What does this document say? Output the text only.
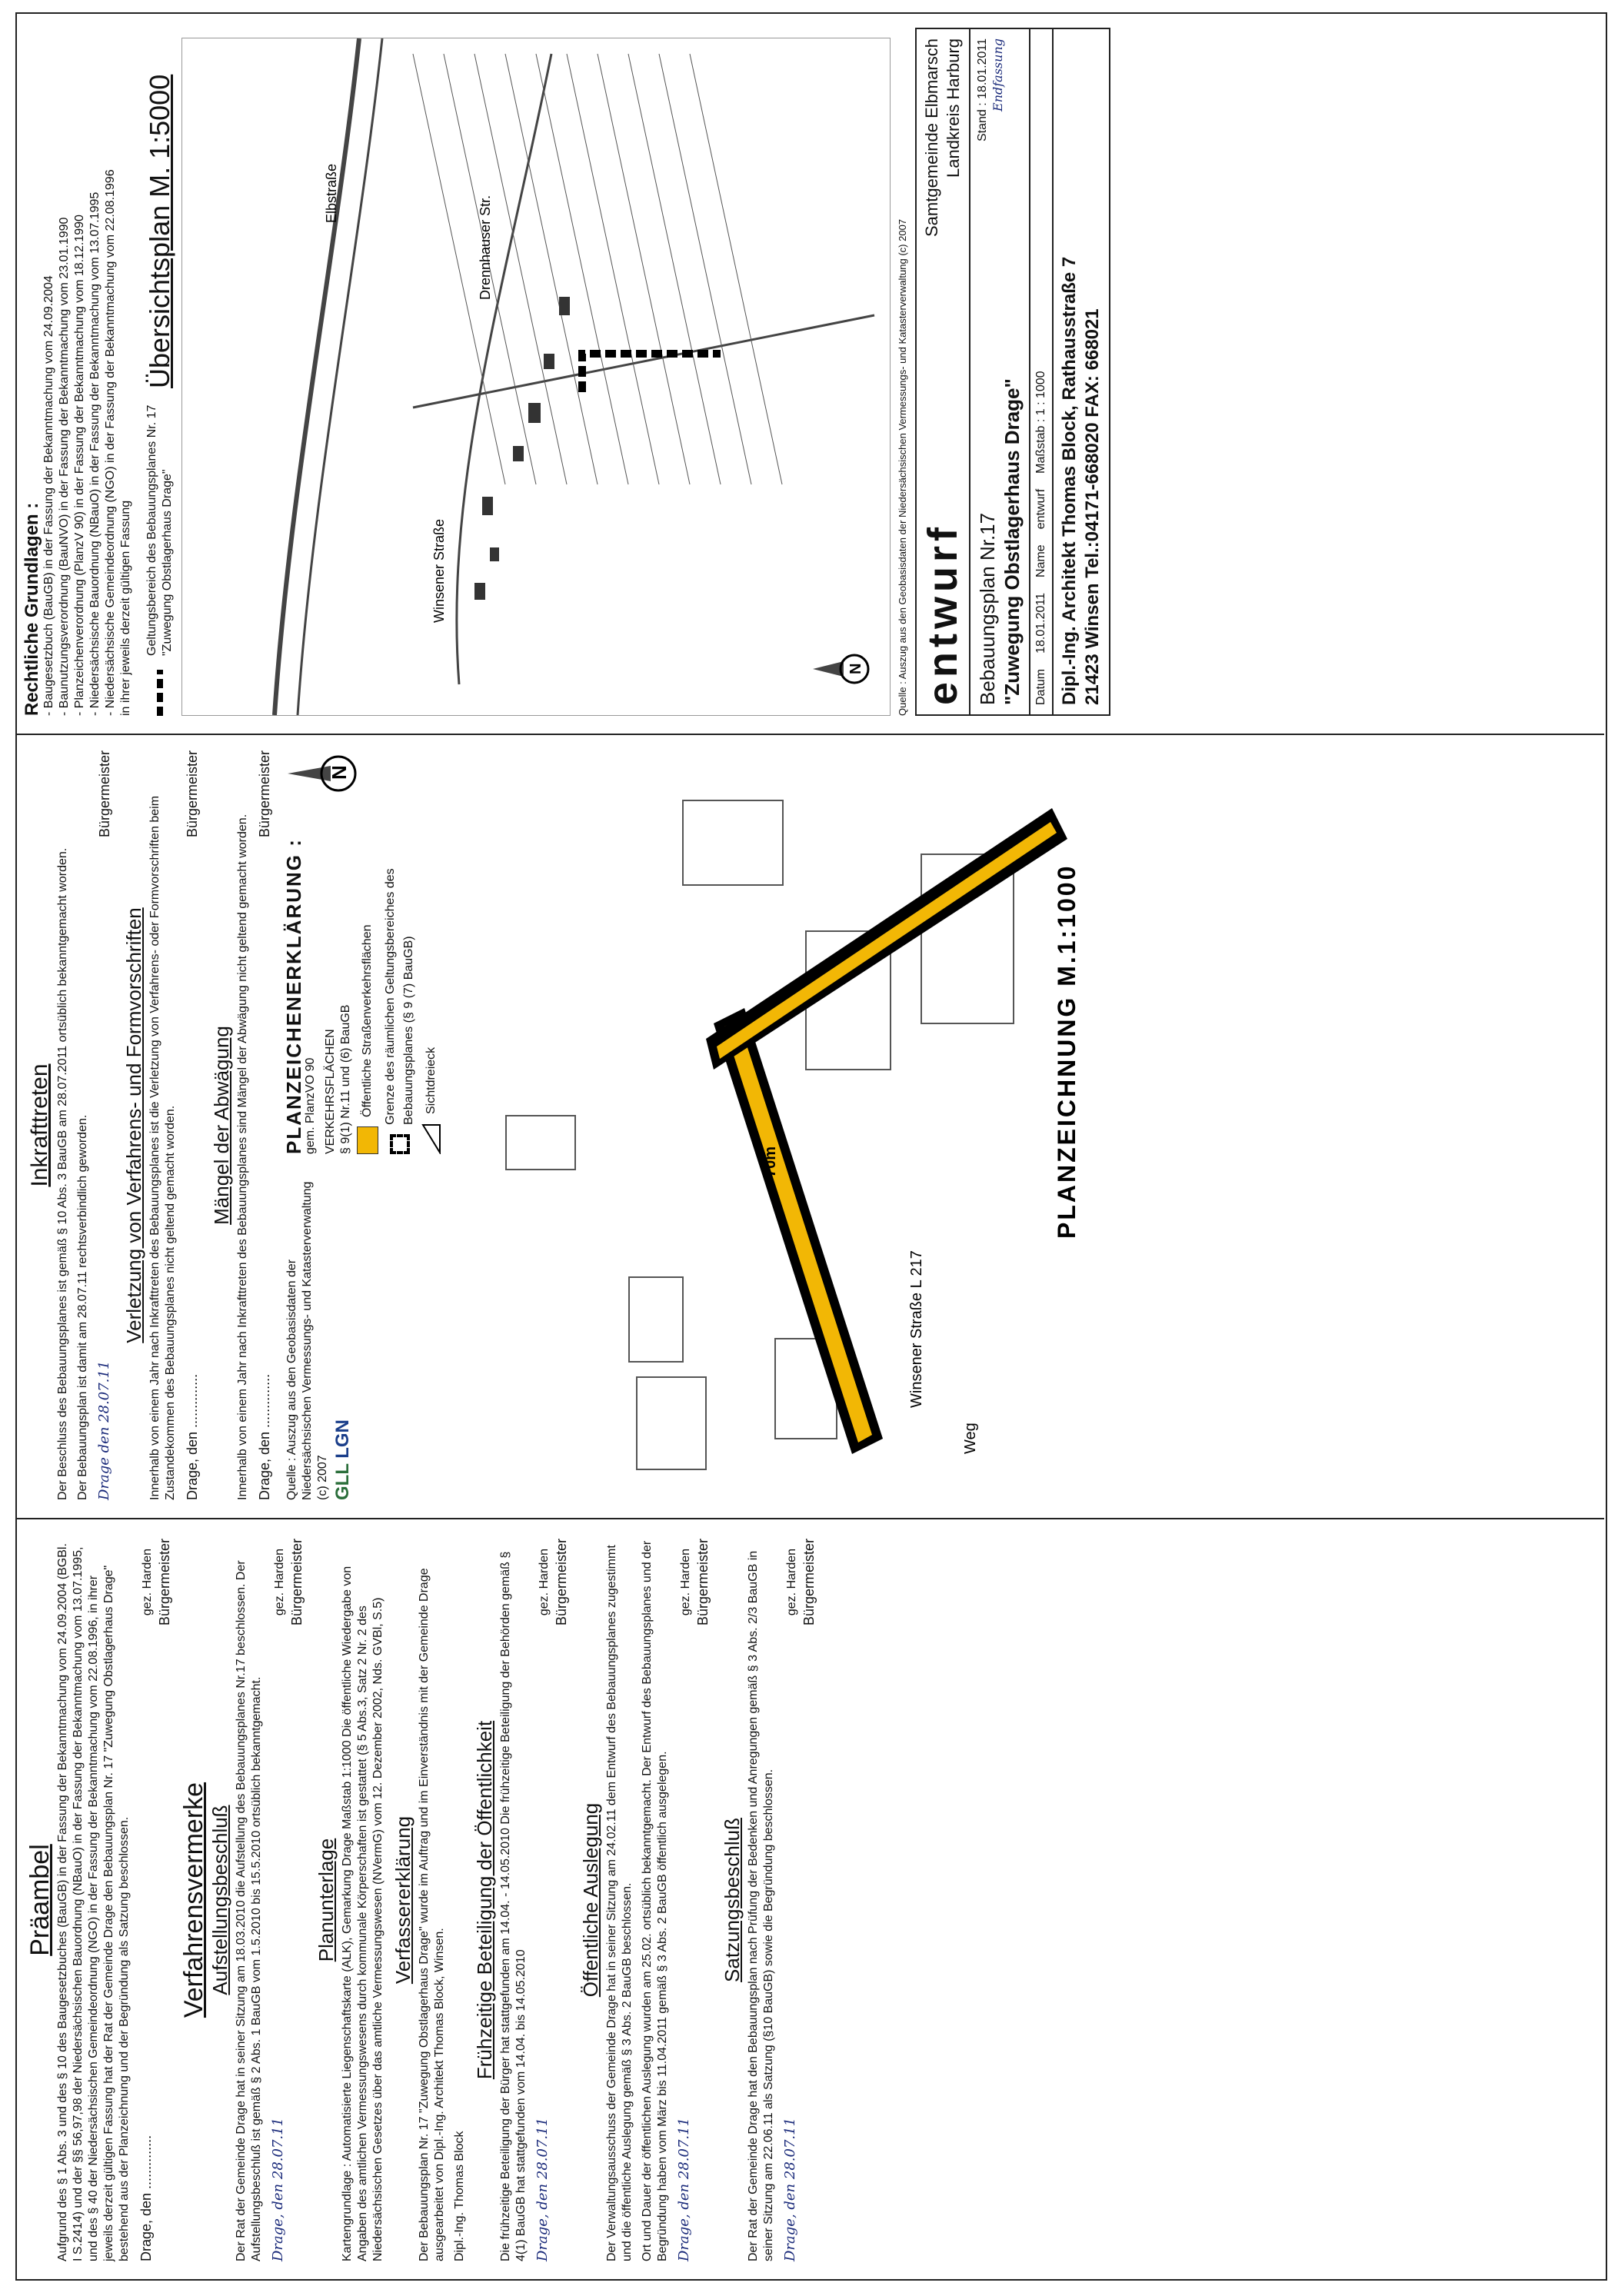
Präambel Aufgrund des § 1 Abs. 3 und des § 10 des Baugesetzbuches (BauGB) in der Fassung der Bekanntmachung vom 24.09.2004 (BGBl. I S.2414) und der §§ 56,97,98 der Niedersächsischen Bauordnung (NBauO) in der Fassung der Bekanntmachung vom 13.07.1995, und des § 40 der Niedersächsischen Gemeindeordnung (NGO) in der Fassung der Bekanntmachung vom 22.08.1996, in ihrer jeweils derzeit gültigen Fassung hat der Rat der Gemeinde Drage den Bebauungsplan Nr. 17 "Zuwegung Obstlagerhaus Drage" bestehend aus der Planzeichnung und der Begründung als Satzung beschlossen. Drage, den ..............
gez. Harden Bürgermeister
Verfahrensvermerke Aufstellungsbeschluß Der Rat der Gemeinde Drage hat in seiner Sitzung am 18.03.2010 die Aufstellung des Bebauungsplanes Nr.17 beschlossen. Der Aufstellungsbeschluß ist gemäß § 2 Abs. 1 BauGB vom 1.5.2010 bis 15.5.2010 ortsüblich bekanntgemacht. Drage, den 28.07.11
gez. Harden Bürgermeister
Planunterlage Kartengrundlage : Automatisierte Liegenschaftskarte (ALK), Gemarkung Drage Maßstab 1:1000 Die öffentliche Wiedergabe von Angaben des amtlichen Vermessungswesens durch kommunale Körperschaften ist gestattet (§ 5 Abs.3, Satz 2 Nr. 2 des Niedersächsischen Gesetzes über das amtliche Vermessungswesen (NVermG) vom 12. Dezember 2002, Nds. GVBl, S.5) Verfassererklärung Der Bebauungsplan Nr. 17 "Zuwegung Obstlagerhaus Drage" wurde im Auftrag und im Einverständnis mit der Gemeinde Drage ausgearbeitet von Dipl.-Ing. Architekt Thomas Block, Winsen. Dipl.-Ing. Thomas Block
Frühzeitige Beteiligung der Öffentlichkeit Die frühzeitige Beteiligung der Bürger hat stattgefunden am 14.04. - 14.05.2010 Die frühzeitige Beteiligung der Behörden gemäß § 4(1) BauGB hat stattgefunden vom 14.04. bis 14.05.2010 Drage, den 28.07.11
gez. Harden Bürgermeister
Öffentliche Auslegung Der Verwaltungsausschuss der Gemeinde Drage hat in seiner Sitzung am 24.02.11 dem Entwurf des Bebauungsplanes zugestimmt und die öffentliche Auslegung gemäß § 3 Abs. 2 BauGB beschlossen. Ort und Dauer der öffentlichen Auslegung wurden am 25.02. ortsüblich bekanntgemacht. Der Entwurf des Bebauungsplanes und der Begründung haben vom März bis 11.04.2011 gemäß § 3 Abs. 2 BauGB öffentlich ausgelegen. Drage, den 28.07.11
gez. Harden Bürgermeister
Satzungsbeschluß Der Rat der Gemeinde Drage hat den Bebauungsplan nach Prüfung der Bedenken und Anregungen gemäß § 3 Abs. 2/3 BauGB in seiner Sitzung am 22.06.11 als Satzung (§10 BauGB) sowie die Begründung beschlossen. Drage, den 28.07.11
gez. Harden Bürgermeister
Inkrafttreten Der Beschluss des Bebauungsplanes ist gemäß § 10 Abs. 3 BauGB am 28.07.2011 ortsüblich bekanntgemacht worden. Der Bebauungsplan ist damit am 28.07.11 rechtsverbindlich geworden. Drage den 28.07.11
Bürgermeister
Verletzung von Verfahrens- und Formvorschriften Innerhalb von einem Jahr nach Inkrafttreten des Bebauungsplanes ist die Verletzung von Verfahrens- oder Formvorschriften beim Zustandekommen des Bebauungsplanes nicht geltend gemacht worden. Drage, den ..............
Bürgermeister
Mängel der Abwägung Innerhalb von einem Jahr nach Inkrafttreten des Bebauungsplanes sind Mängel der Abwägung nicht geltend gemacht worden. Drage, den ..............
Bürgermeister
Quelle : Auszug aus den Geobasisdaten der Niedersächsischen Vermessungs- und Katasterverwaltung (c) 2007 GLL LGN
PLANZEICHENERKLÄRUNG :
gem. PlanzVO 90 VERKEHRSFLÄCHEN § 9(1) Nr.11 und (6) BauGB Öffentliche Straßenverkehrsflächen Grenze des räumlichen Geltungsbereiches des Bebauungsplanes (§ 9 (7) BauGB) Sichtdreieck
N
Winsener Straße L 217
Weg
70m	PLANZEICHNUNG M.1:1000
Rechtliche Grundlagen : - Baugesetzbuch (BauGB) in der Fassung der Bekanntmachung vom 24.09.2004 - Baunutzungsverordnung (BauNVO) in der Fassung der Bekanntmachung vom 23.01.1990 - Planzeichenverordnung (PlanzV 90) in der Fassung der Bekanntmachung vom 18.12.1990 - Niedersächsische Bauordnung (NBauO) in der Fassung der Bekanntmachung vom 13.07.1995 - Niedersächsische Gemeindeordnung (NGO) in der Fassung der Bekanntmachung vom 22.08.1996 in ihrer jeweils derzeit gültigen Fassung Geltungsbereich des Bebauungsplanes Nr. 17 "Zuwegung Obstlagerhaus Drage"
Übersichtsplan M. 1:5000
Winsener Straße
Drennhauser Str.
Elbstraße
N	Quelle : Auszug aus den Geobasisdaten der Niedersächsischen Vermessungs- und Katasterverwaltung (c) 2007 entwurf
Samtgemeinde Elbmarsch Landkreis Harburg
Bebauungsplan Nr.17
"Zuwegung Obstlagerhaus Drage"
Stand : 18.01.2011 Endfassung
Datum
18.01.2011
Name
entwurf
Maßstab : 1 : 1000 Dipl.-Ing. Architekt Thomas Block, Rathausstraße 7 21423 Winsen Tel.:04171-668020 FAX: 668021
